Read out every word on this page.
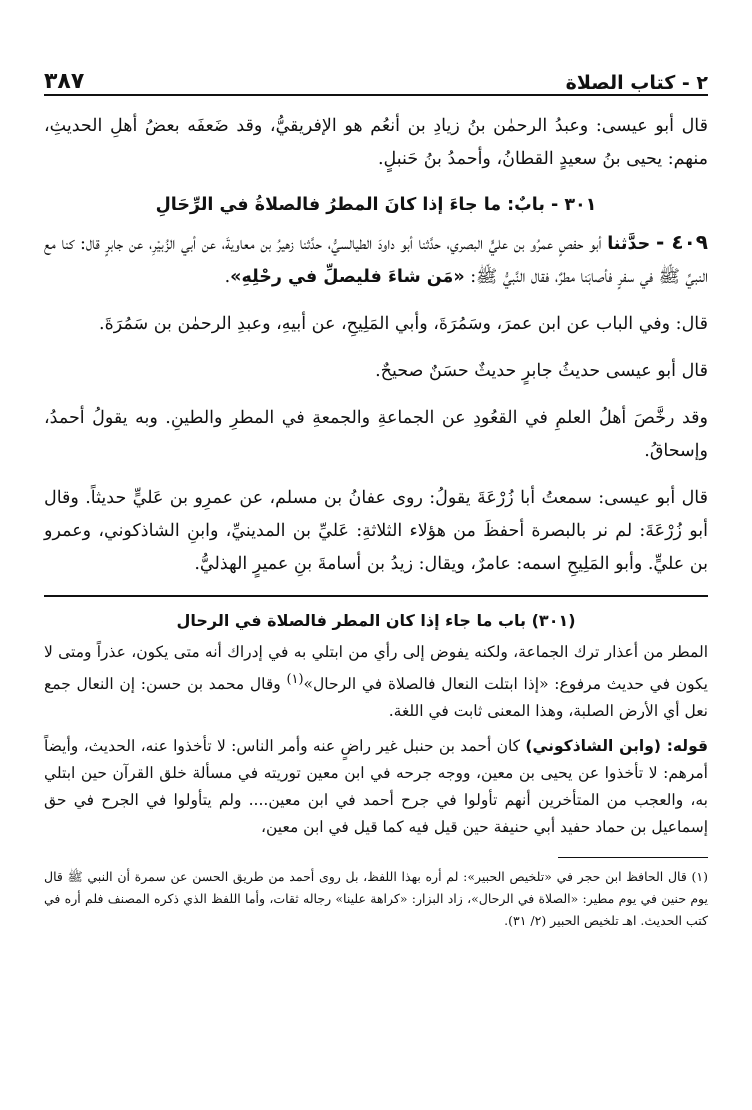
٢ - كتاب الصلاة
٣٨٧

قال أبو عيسى: وعبدُ الرحمٰن بنُ زيادِ بن أنعُم هو الإفريقيُّ، وقد ضَعفَه بعضُ أهلِ الحديثِ، منهم: يحيى بنُ سعيدٍ القطانُ، وأحمدُ بنُ حَنبلٍ.

٣٠١ - بابٌ: ما جاءَ إذا كانَ المطرُ فالصلاةُ في الرِّحَالِ

٤٠٩ - حدَّثنا أبو حفصٍ عمرُو بن عليٍّ البصري، حدَّثنا أبو داودَ الطيالسيُّ، حدَّثنا زهيرُ بن معاويةَ، عن أبي الزُبيْرِ، عن جابرٍ قال: كنا مع النبيِّ ﷺ في سفرٍ فأصابَنا مطرٌ، فقال النَّبيُّ ﷺ: «مَن شاءَ فليصلِّ في رحْلِهِ».

قال: وفي الباب عن ابن عمرَ، وسَمُرَةَ، وأبي المَلِيحِ، عن أبيهِ، وعبدِ الرحمٰن بن سَمُرَةَ.

قال أبو عيسى حديثُ جابرٍ حديثٌ حسَنٌ صحيحٌ.

وقد رخَّصَ أهلُ العلمِ في القعُودِ عن الجماعةِ والجمعةِ في المطرِ والطينِ. وبه يقولُ أحمدُ، وإسحاقُ.

قال أبو عيسى: سمعتُ أبا زُرْعَةَ يقولُ: روى عفانُ بن مسلم، عن عمرِو بن عَليٍّ حديثاً. وقال أبو زُرْعَةَ: لم نر بالبصرة أحفظَ من هؤلاء الثلاثةِ: عَليِّ بن المدينيِّ، وابنِ الشاذكوني، وعمرو بن عليٍّ. وأبو المَلِيحِ اسمه: عامرٌ، ويقال: زيدُ بن أسامةَ بنِ عميرٍ الهذليُّ.

(٣٠١) باب ما جاء إذا كان المطر فالصلاة في الرحال

المطر من أعذار ترك الجماعة، ولكنه يفوض إلى رأي من ابتلي به في إدراك أنه متى يكون، عذراً ومتى لا يكون في حديث مرفوع: «إذا ابتلت النعال فالصلاة في الرحال»$^{(١)}$ وقال محمد بن حسن: إن النعال جمع نعل أي الأرض الصلبة، وهذا المعنى ثابت في اللغة.

قوله: (وابن الشاذكوني) كان أحمد بن حنبل غير راضٍ عنه وأمر الناس: لا تأخذوا عنه، الحديث، وأيضاً أمرهم: لا تأخذوا عن يحيى بن معين، ووجه جرحه في ابن معين توريته في مسألة خلق القرآن حين ابتلي به، والعجب من المتأخرين أنهم تأولوا في جرح أحمد في ابن معين.... ولم يتأولوا في الجرح في حق إسماعيل بن حماد حفيد أبي حنيفة حين قيل فيه كما قيل في ابن معين،

(١) قال الحافظ ابن حجر في «تلخيص الحبير»: لم أره بهذا اللفظ، بل روى أحمد من طريق الحسن عن سمرة أن النبي ﷺ قال يوم حنين في يوم مطير: «الصلاة في الرحال»، زاد البزار: «كراهة علينا» رجاله ثقات، وأما اللفظ الذي ذكره المصنف فلم أره في كتب الحديث. اهـ تلخيص الحبير (٢/ ٣١).
